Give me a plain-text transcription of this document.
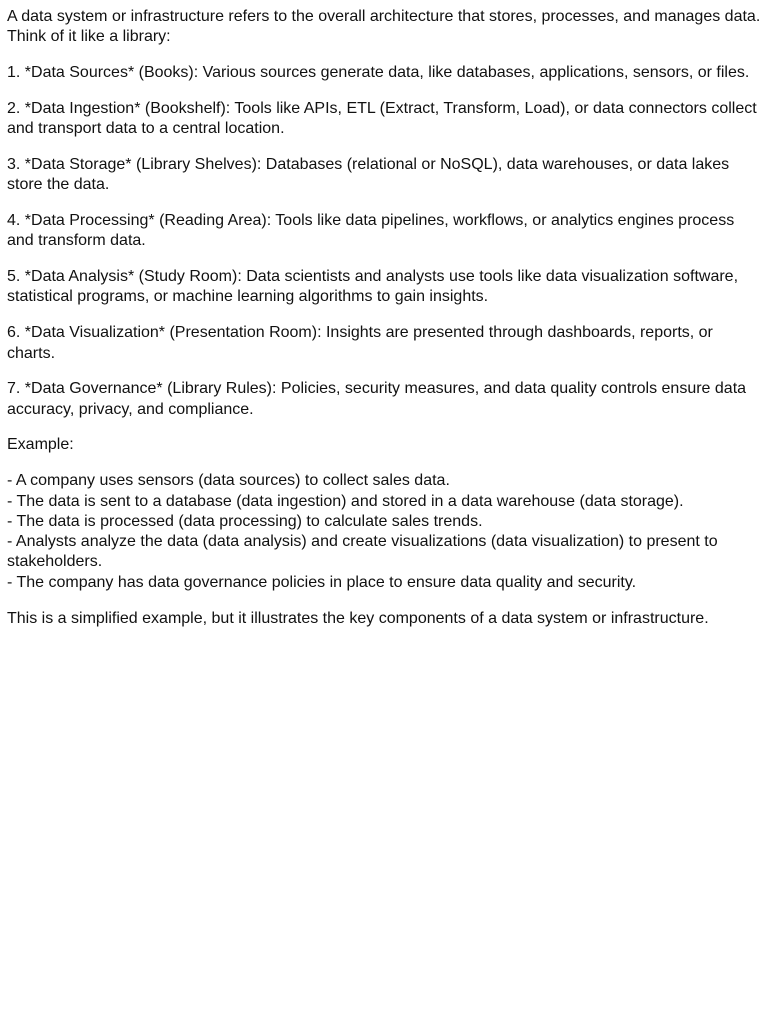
A data system or infrastructure refers to the overall architecture that stores, processes, and manages data. Think of it like a library:

1. *Data Sources* (Books): Various sources generate data, like databases, applications, sensors, or files.

2. *Data Ingestion* (Bookshelf): Tools like APIs, ETL (Extract, Transform, Load), or data connectors collect and transport data to a central location.

3. *Data Storage* (Library Shelves): Databases (relational or NoSQL), data warehouses, or data lakes store the data.

4. *Data Processing* (Reading Area): Tools like data pipelines, workflows, or analytics engines process and transform data.

5. *Data Analysis* (Study Room): Data scientists and analysts use tools like data visualization software, statistical programs, or machine learning algorithms to gain insights.

6. *Data Visualization* (Presentation Room): Insights are presented through dashboards, reports, or charts.

7. *Data Governance* (Library Rules): Policies, security measures, and data quality controls ensure data accuracy, privacy, and compliance.

Example:

- A company uses sensors (data sources) to collect sales data.
- The data is sent to a database (data ingestion) and stored in a data warehouse (data storage).
- The data is processed (data processing) to calculate sales trends.
- Analysts analyze the data (data analysis) and create visualizations (data visualization) to present to stakeholders.
- The company has data governance policies in place to ensure data quality and security.

This is a simplified example, but it illustrates the key components of a data system or infrastructure.
